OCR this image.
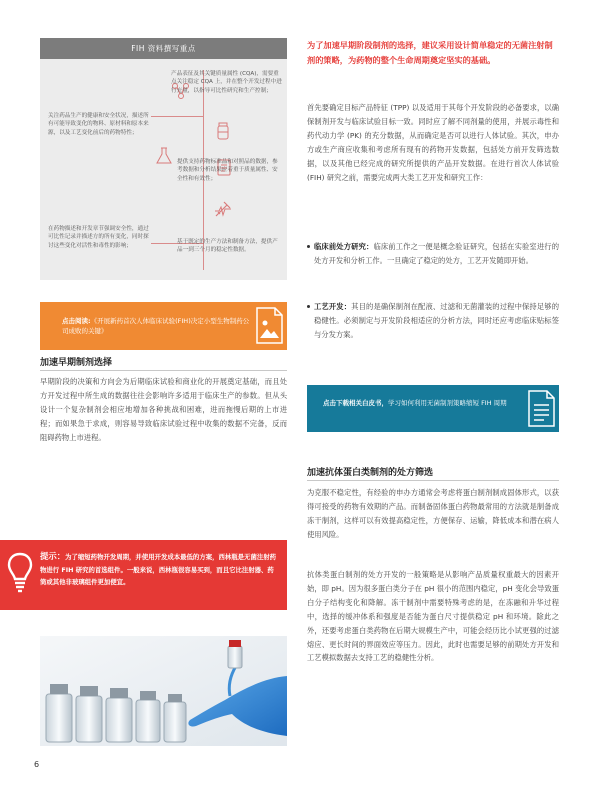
FIH 资料撰写重点
产品表征及其关键质量属性 (CQA)，需要重点关注稳定 CQA 上，并在整个开发过程中进行充量，以指导可比性研究和生产控制；
提供支持药物标准品和对照品的数据，参考数据和分析结果应着重于质量属性、安全性和有效性；
基于既定的生产方法和制备方法，提供产品一到三个月的稳定性数据。
关注药品生产的健康和安全状况，描述所有可能导致变化的物料、原材料和原本来源，以及工艺变化前后的药物特性；
在药物描述和开发章节强调安全性，通过可比性记录并描述方的所有变化，同时探讨这些变化对活性和毒性的影响；
点击阅读:《开展新药首次人体临床试验(FIH)决定小型生物制药公司成败的关键》
加速早期制剂选择
早期阶段的决策和方向会为后期临床试验和商业化的开展奠定基础，而且处方开发过程中所生成的数据往往会影响许多适用于临床生产的参数。但从头设计一个复杂制剂会相应地增加各种挑战和困难，进而拖慢后期的上市进程；而如果急于求成，则容易导致临床试验过程中收集的数据不完备，反而阻碍药物上市进程。
提示：为了缩短药物开发周期，并使用开发成本最低的方案，西林瓶是无菌注射药物进行 FIH 研究的首选组件。一般来说，西林瓶很容易买到，而且它比注射器、药筒或其他非玻璃组件更加便宜。
6
为了加速早期阶段制剂的选择，建议采用设计简单稳定的无菌注射制剂的策略，为药物的整个生命周期奠定坚实的基础。
首先要确定目标产品特征 (TPP) 以及适用于其每个开发阶段的必备要求，以确保制剂开发与临床试验目标一致。同时应了解不同剂量的使用，并展示毒性和药代动力学 (PK) 的充分数据，从而确定是否可以进行人体试验。其次，申办方或生产商应收集和考虑所有现有的药物开发数据，包括处方前开发筛选数据，以及其他已经完成的研究所提供的产品开发数据。在进行首次人体试验 (FIH) 研究之前，需要完成两大类工艺开发和研究工作：
临床前处方研究：临床前工作之一便是概念验证研究，包括在实验室进行的处方开发和分析工作。一旦确定了稳定的处方，工艺开发随即开始。
工艺开发：其目的是确保制剂在配液、过滤和无菌灌装的过程中保持足够的稳健性。必须制定与开发阶段相适应的分析方法，同时还应考虑临床贴标签与分发方案。
点击下载相关白皮书，学习如何利用无菌制剂策略缩短 FIH 周期
加速抗体蛋白类制剂的处方筛选
为克服不稳定性，有经验的申办方通常会考虑将蛋白制剂制成固体形式，以获得可接受的药物有效期的产品。而制备固体蛋白药物最常用的方法就是制备成冻干制剂，这样可以有效提高稳定性，方便保存、运输，降低成本和潜在病人使用风险。
抗体类蛋白制剂的处方开发的一般策略是从影响产品质量权重最大的因素开始，即 pH。因为很多蛋白类分子在 pH 很小的范围内稳定，pH 变化会导致蛋白分子结构变化和降解。冻干制剂中需要特殊考虑的是，在冻融和升华过程中，选择的缓冲体系和强度是否能为蛋白尺寸提供稳定 pH 和环境。除此之外，还要考虑蛋白类药物在后期大规模生产中，可能会经历比小试更强的过滤熔应、更长时间的界面效应等压力。因此，此时也需要足够的前期处方开发和工艺模拟数据去支持工艺的稳健性分析。
